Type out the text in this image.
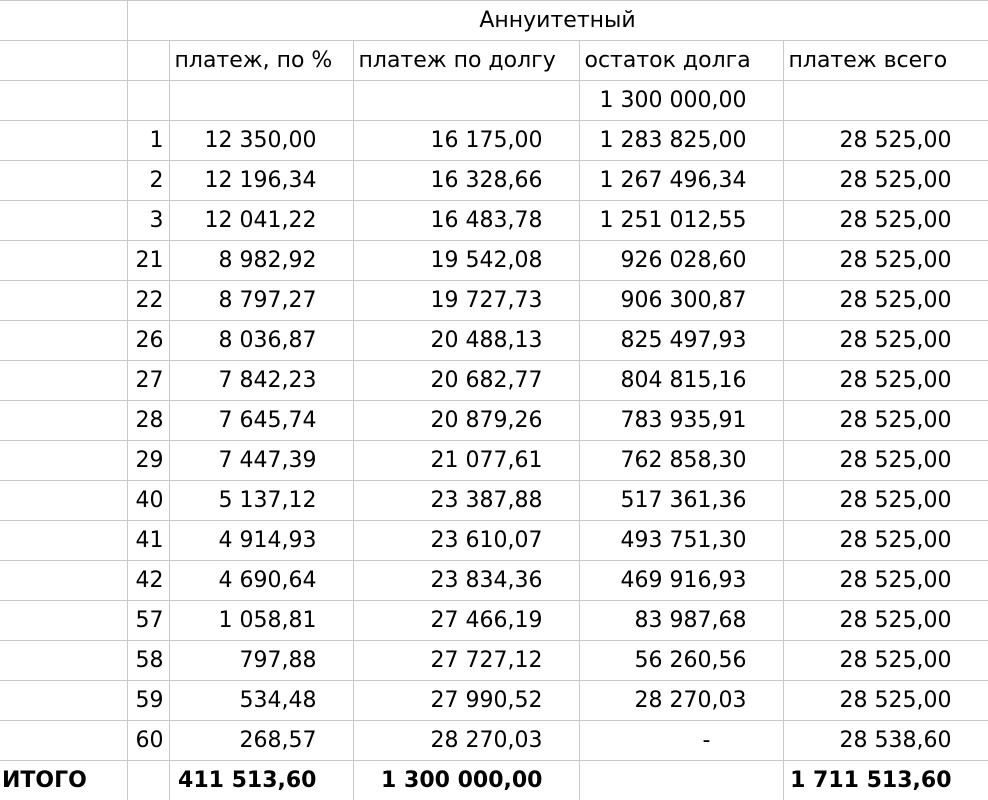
	Аннуитетный				
		платеж, по %	платеж по долгу	остаток долга	платеж всего
				1 300 000,00	
	1	12 350,00	16 175,00	1 283 825,00	28 525,00
	2	12 196,34	16 328,66	1 267 496,34	28 525,00
	3	12 041,22	16 483,78	1 251 012,55	28 525,00
	21	8 982,92	19 542,08	926 028,60	28 525,00
	22	8 797,27	19 727,73	906 300,87	28 525,00
	26	8 036,87	20 488,13	825 497,93	28 525,00
	27	7 842,23	20 682,77	804 815,16	28 525,00
	28	7 645,74	20 879,26	783 935,91	28 525,00
	29	7 447,39	21 077,61	762 858,30	28 525,00
	40	5 137,12	23 387,88	517 361,36	28 525,00
	41	4 914,93	23 610,07	493 751,30	28 525,00
	42	4 690,64	23 834,36	469 916,93	28 525,00
	57	1 058,81	27 466,19	83 987,68	28 525,00
	58	797,88	27 727,12	56 260,56	28 525,00
	59	534,48	27 990,52	28 270,03	28 525,00
	60	268,57	28 270,03	-	28 538,60
ИТОГО		411 513,60	1 300 000,00		1 711 513,60
